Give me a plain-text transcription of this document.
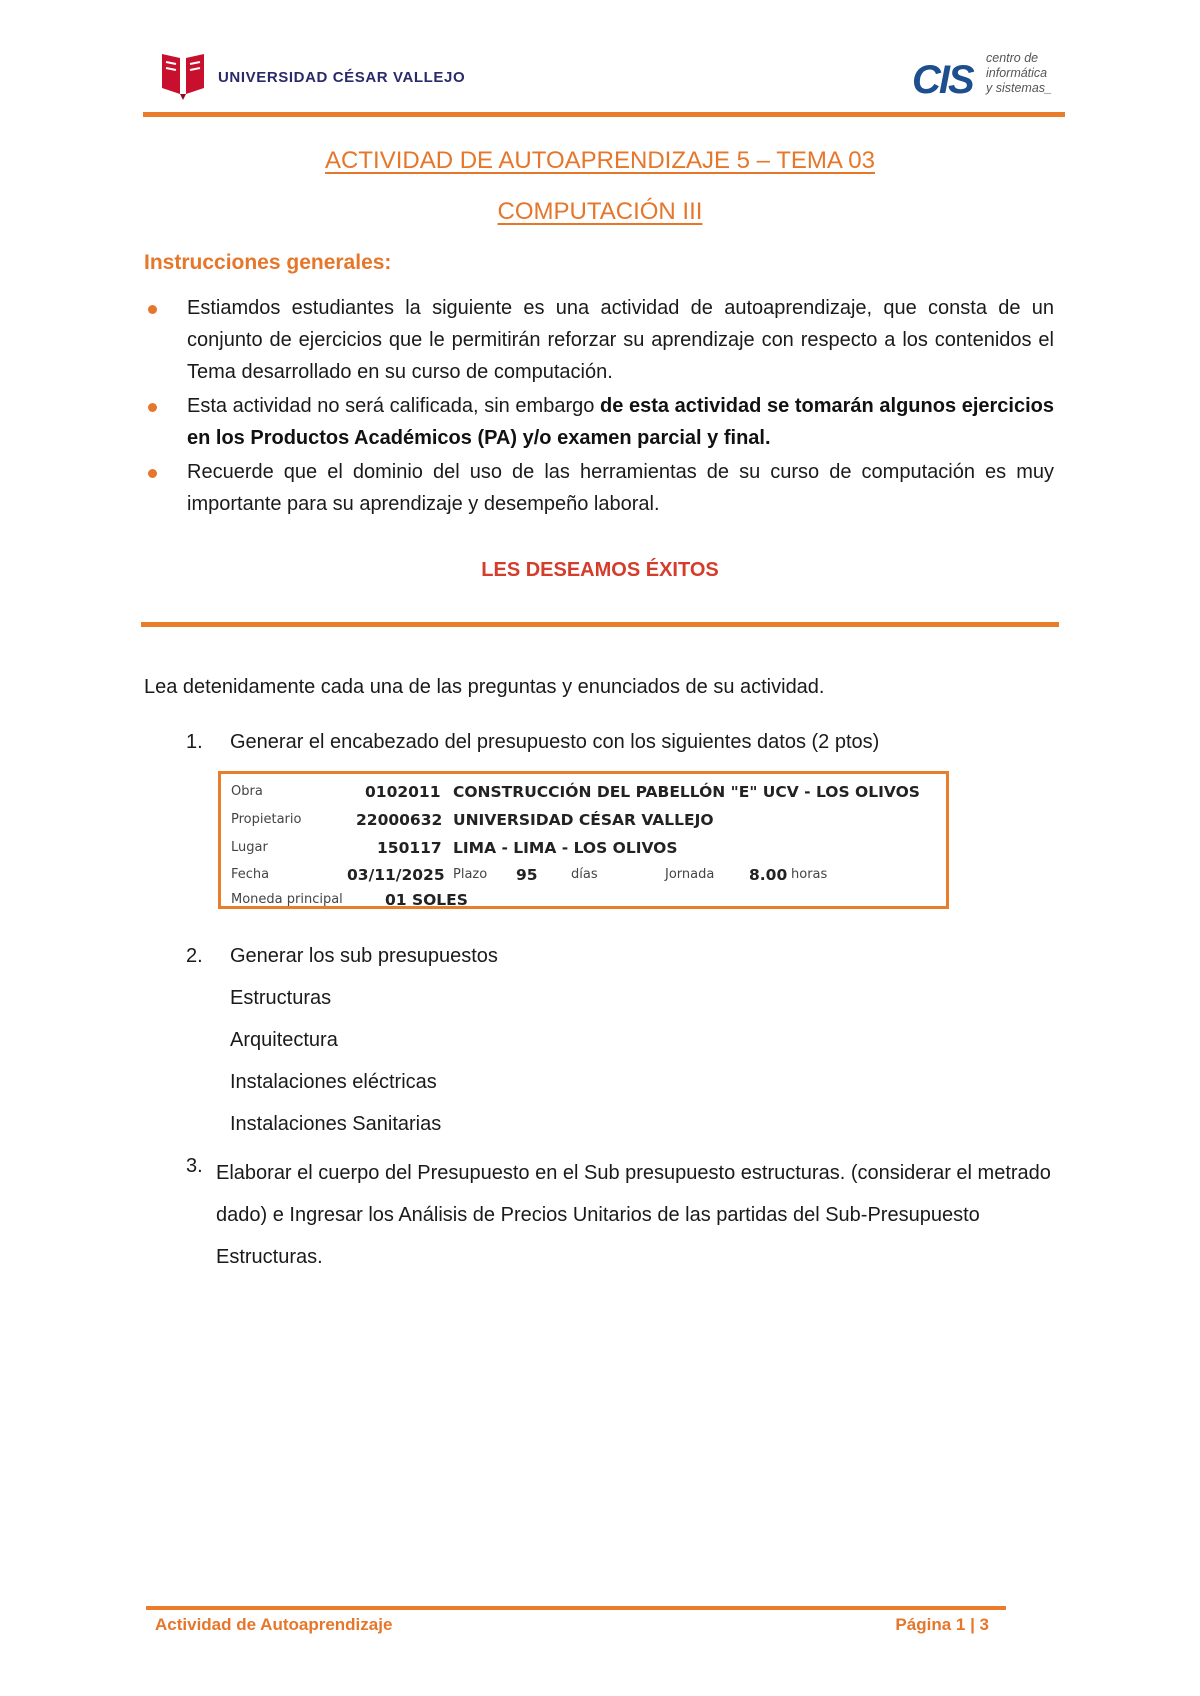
UNIVERSIDAD CÉSAR VALLEJO	CIS centro de
informática
y sistemas_
ACTIVIDAD DE AUTOAPRENDIZAJE 5 – TEMA 03
COMPUTACIÓN III
Instrucciones generales:
Estiamdos estudiantes la siguiente es una actividad de autoaprendizaje, que consta de un conjunto de ejercicios que le permitirán reforzar su aprendizaje con respecto a los contenidos el Tema desarrollado en su curso de computación.
Esta actividad no será calificada, sin embargo de esta actividad se tomarán algunos ejercicios en los Productos Académicos (PA) y/o examen parcial y final.
Recuerde que el dominio del uso de las herramientas de su curso de computación es muy importante para su aprendizaje y desempeño laboral.
LES DESEAMOS ÉXITOS
Lea detenidamente cada una de las preguntas y enunciados de su actividad.
1. Generar el encabezado del presupuesto con los siguientes datos (2 ptos)
Obra	0102011 CONSTRUCCIÓN DEL PABELLÓN "E" UCV - LOS OLIVOS
Propietario	22000632 UNIVERSIDAD CÉSAR VALLEJO
Lugar	150117 LIMA - LIMA - LOS OLIVOS
Fecha	03/11/2025 Plazo 95	días	Jornada 8.00 horas
Moneda principal	01 SOLES
2. Generar los sub presupuestos
Estructuras
Arquitectura
Instalaciones eléctricas
Instalaciones Sanitarias
3. Elaborar el cuerpo del Presupuesto en el Sub presupuesto estructuras. (considerar el metrado dado) e Ingresar los Análisis de Precios Unitarios de las partidas del Sub-Presupuesto Estructuras.
Actividad de Autoaprendizaje	Página 1 | 3
